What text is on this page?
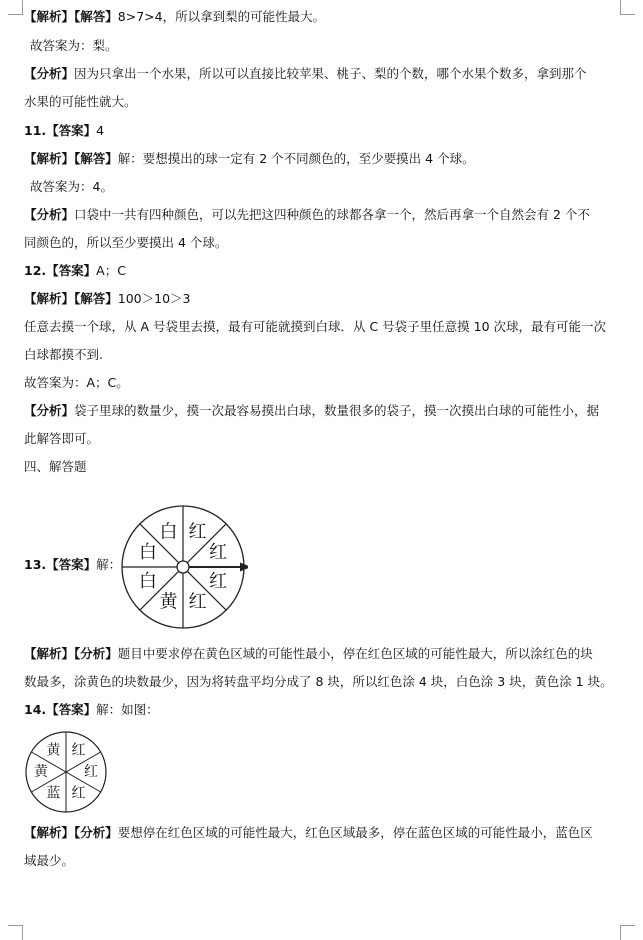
【解析】【解答】8>7>4，所以拿到梨的可能性最大。
故答案为：梨。
【分析】因为只拿出一个水果，所以可以直接比较苹果、桃子、梨的个数，哪个水果个数多，拿到那个
水果的可能性就大。
11.【答案】4
【解析】【解答】解：要想摸出的球一定有 2 个不同颜色的，至少要摸出 4 个球。
故答案为：4。
【分析】口袋中一共有四种颜色，可以先把这四种颜色的球都各拿一个，然后再拿一个自然会有 2 个不
同颜色的，所以至少要摸出 4 个球。
12.【答案】A；C
【解析】【解答】100＞10＞3
任意去摸一个球，从 A 号袋里去摸，最有可能就摸到白球．从 C 号袋子里任意摸 10 次球，最有可能一次
白球都摸不到.
故答案为：A；C。
【分析】袋子里球的数量少，摸一次最容易摸出白球，数量很多的袋子，摸一次摸出白球的可能性小，据
此解答即可。
四、解答题
13.【答案】解：
红
红
红
红
黄
白
白
白
【解析】【分析】题目中要求停在黄色区域的可能性最小，停在红色区域的可能性最大，所以涂红色的块
数最多，涂黄色的块数最少，因为将转盘平均分成了 8 块，所以红色涂 4 块，白色涂 3 块，黄色涂 1 块。
14.【答案】解：如图：
红
红
红
蓝
黄
黄
【解析】【分析】要想停在红色区域的可能性最大，红色区域最多，停在蓝色区域的可能性最小，蓝色区
域最少。
